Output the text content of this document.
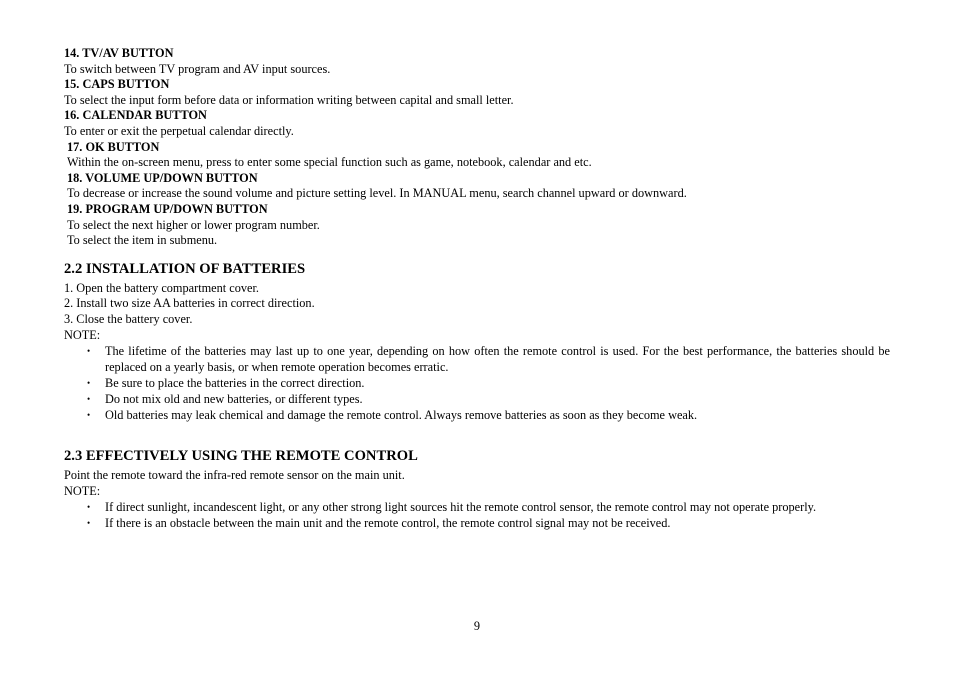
14. TV/AV BUTTON
To switch between TV program and AV input sources.
15. CAPS BUTTON
To select the input form before data or information writing between capital and small letter.
16. CALENDAR BUTTON
To enter or exit the perpetual calendar directly.
17. OK BUTTON
Within the on-screen menu, press to enter some special function such as game, notebook, calendar and etc.
18. VOLUME UP/DOWN BUTTON
To decrease or increase the sound volume and picture setting level. In MANUAL menu, search channel upward or downward.
19. PROGRAM UP/DOWN BUTTON
To select the next higher or lower program number.
To select the item in submenu.
2.2 INSTALLATION OF BATTERIES
1. Open the battery compartment cover.
2. Install two size AA batteries in correct direction.
3. Close the battery cover.
NOTE:
• The lifetime of the batteries may last up to one year, depending on how often the remote control is used. For the best performance, the batteries should be replaced on a yearly basis, or when remote operation becomes erratic.
• Be sure to place the batteries in the correct direction.
• Do not mix old and new batteries, or different types.
• Old batteries may leak chemical and damage the remote control. Always remove batteries as soon as they become weak.
2.3 EFFECTIVELY USING THE REMOTE CONTROL
Point the remote toward the infra-red remote sensor on the main unit.
NOTE:
• If direct sunlight, incandescent light, or any other strong light sources hit the remote control sensor, the remote control may not operate properly.
• If there is an obstacle between the main unit and the remote control, the remote control signal may not be received.
9
